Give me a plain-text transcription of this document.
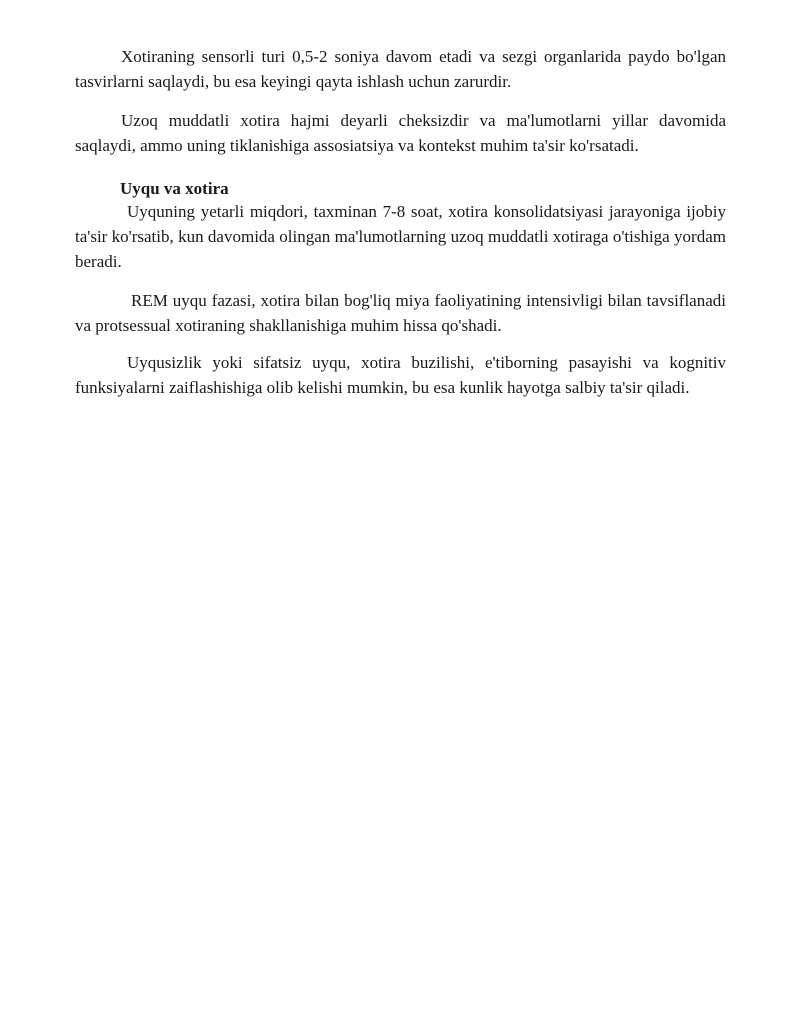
Xotiraning sensorli turi 0,5-2 soniya davom etadi va sezgi organlarida paydo bo'lgan tasvirlarni saqlaydi, bu esa keyingi qayta ishlash uchun zarurdir.

Uzoq muddatli xotira hajmi deyarli cheksizdir va ma'lumotlarni yillar davomida saqlaydi, ammo uning tiklanishiga assosiatsiya va kontekst muhim ta'sir ko'rsatadi.

Uyqu va xotira

Uyquning yetarli miqdori, taxminan 7-8 soat, xotira konsolidatsiyasi jarayoniga ijobiy ta'sir ko'rsatib, kun davomida olingan ma'lumotlarning uzoq muddatli xotiraga o'tishiga yordam beradi.

REM uyqu fazasi, xotira bilan bog'liq miya faoliyatining intensivligi bilan tavsiflanadi va protsessual xotiraning shakllanishiga muhim hissa qo'shadi.

Uyqusizlik yoki sifatsiz uyqu, xotira buzilishi, e'tiborning pasayishi va kognitiv funksiyalarni zaiflashishiga olib kelishi mumkin, bu esa kunlik hayotga salbiy ta'sir qiladi.
